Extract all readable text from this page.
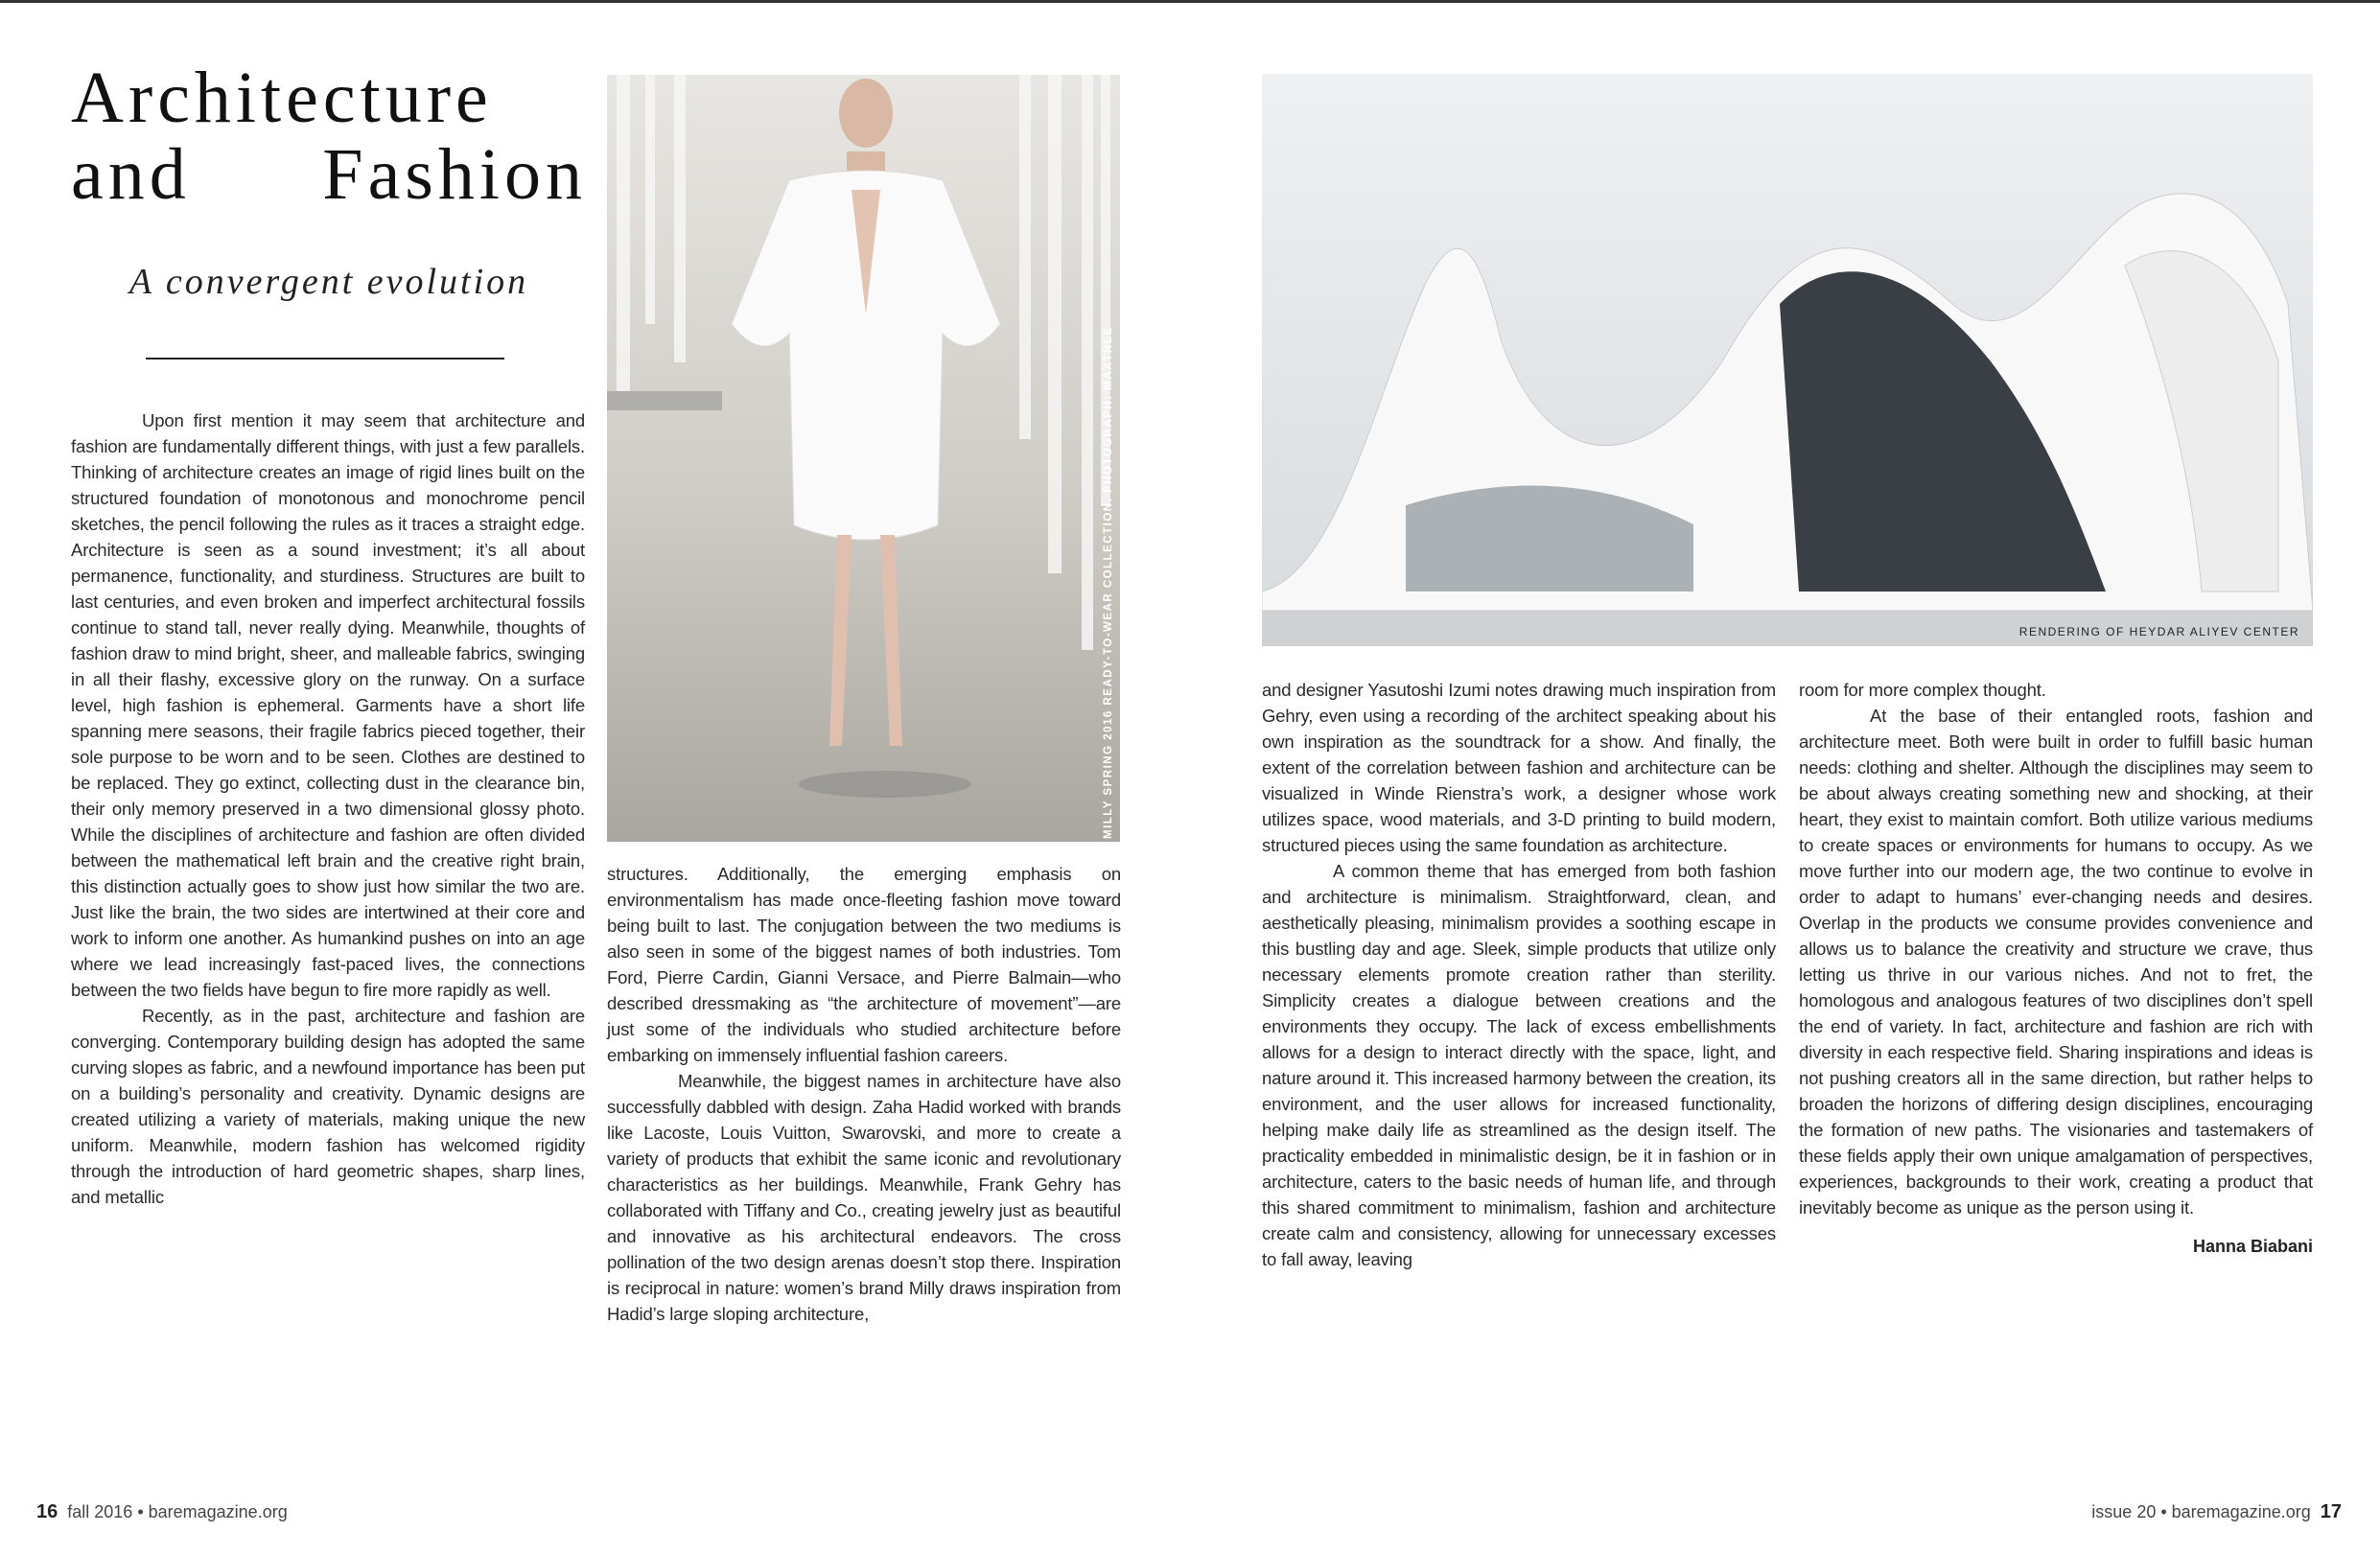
Architecture and Fashion
A convergent evolution

Upon first mention it may seem that architecture and fashion are fundamentally different things, with just a few parallels. Thinking of architecture creates an image of rigid lines built on the structured foundation of monotonous and monochrome pencil sketches, the pencil following the rules as it traces a straight edge. Architecture is seen as a sound investment; it’s all about permanence, functionality, and sturdiness. Structures are built to last centuries, and even broken and imperfect architectural fossils continue to stand tall, never really dying. Meanwhile, thoughts of fashion draw to mind bright, sheer, and malleable fabrics, swinging in all their flashy, excessive glory on the runway. On a surface level, high fashion is ephemeral. Garments have a short life spanning mere seasons, their fragile fabrics pieced together, their sole purpose to be worn and to be seen. Clothes are destined to be replaced. They go extinct, collecting dust in the clearance bin, their only memory preserved in a two dimensional glossy photo. While the disciplines of architecture and fashion are often divided between the mathematical left brain and the creative right brain, this distinction actually goes to show just how similar the two are. Just like the brain, the two sides are intertwined at their core and work to inform one another. As humankind pushes on into an age where we lead increasingly fast-paced lives, the connections between the two fields have begun to fire more rapidly as well.

Recently, as in the past, architecture and fashion are converging. Contemporary building design has adopted the same curving slopes as fabric, and a newfound importance has been put on a building’s personality and creativity. Dynamic designs are created utilizing a variety of materials, making unique the new uniform. Meanwhile, modern fashion has welcomed rigidity through the introduction of hard geometric shapes, sharp lines, and metallic

MILLY SPRING 2016 READY-TO-WEAR COLLECTION. PHOTOGRAPH: MAXTREE

structures. Additionally, the emerging emphasis on environmentalism has made once-fleeting fashion move toward being built to last. The conjugation between the two mediums is also seen in some of the biggest names of both industries. Tom Ford, Pierre Cardin, Gianni Versace, and Pierre Balmain—who described dressmaking as “the architecture of movement”—are just some of the individuals who studied architecture before embarking on immensely influential fashion careers.

Meanwhile, the biggest names in architecture have also successfully dabbled with design. Zaha Hadid worked with brands like Lacoste, Louis Vuitton, Swarovski, and more to create a variety of products that exhibit the same iconic and revolutionary characteristics as her buildings. Meanwhile, Frank Gehry has collaborated with Tiffany and Co., creating jewelry just as beautiful and innovative as his architectural endeavors. The cross pollination of the two design arenas doesn’t stop there. Inspiration is reciprocal in nature: women’s brand Milly draws inspiration from Hadid’s large sloping architecture,

RENDERING OF HEYDAR ALIYEV CENTER

and designer Yasutoshi Izumi notes drawing much inspiration from Gehry, even using a recording of the architect speaking about his own inspiration as the soundtrack for a show. And finally, the extent of the correlation between fashion and architecture can be visualized in Winde Rienstra’s work, a designer whose work utilizes space, wood materials, and 3-D printing to build modern, structured pieces using the same foundation as architecture.

A common theme that has emerged from both fashion and architecture is minimalism. Straightforward, clean, and aesthetically pleasing, minimalism provides a soothing escape in this bustling day and age. Sleek, simple products that utilize only necessary elements promote creation rather than sterility. Simplicity creates a dialogue between creations and the environments they occupy. The lack of excess embellishments allows for a design to interact directly with the space, light, and nature around it. This increased harmony between the creation, its environment, and the user allows for increased functionality, helping make daily life as streamlined as the design itself. The practicality embedded in minimalistic design, be it in fashion or in architecture, caters to the basic needs of human life, and through this shared commitment to minimalism, fashion and architecture create calm and consistency, allowing for unnecessary excesses to fall away, leaving

room for more complex thought.

At the base of their entangled roots, fashion and architecture meet. Both were built in order to fulfill basic human needs: clothing and shelter. Although the disciplines may seem to be about always creating something new and shocking, at their heart, they exist to maintain comfort. Both utilize various mediums to create spaces or environments for humans to occupy. As we move further into our modern age, the two continue to evolve in order to adapt to humans’ ever-changing needs and desires. Overlap in the products we consume provides convenience and allows us to balance the creativity and structure we crave, thus letting us thrive in our various niches. And not to fret, the homologous and analogous features of two disciplines don’t spell the end of variety. In fact, architecture and fashion are rich with diversity in each respective field. Sharing inspirations and ideas is not pushing creators all in the same direction, but rather helps to broaden the horizons of differing design disciplines, encouraging the formation of new paths. The visionaries and tastemakers of these fields apply their own unique amalgamation of perspectives, experiences, backgrounds to their work, creating a product that inevitably become as unique as the person using it.

Hanna Biabani
16 fall 2016 • baremagazine.org	issue 20 • baremagazine.org 17
